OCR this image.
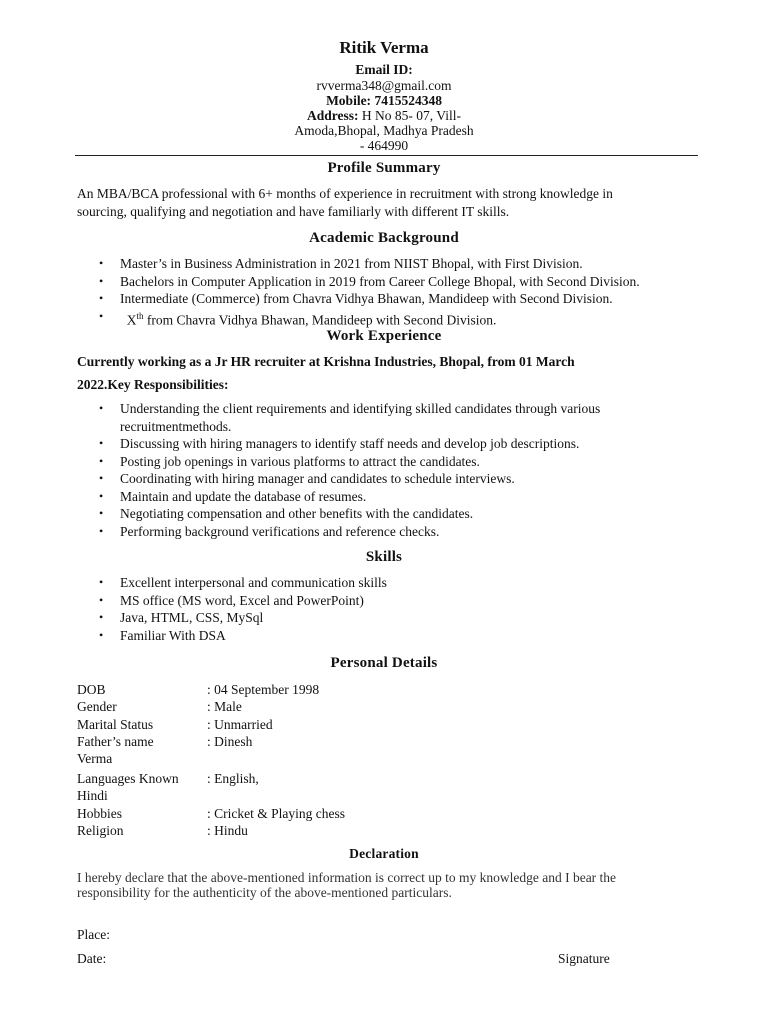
Ritik Verma
Email ID:
rvverma348@gmail.com
Mobile: 7415524348
Address: H No 85- 07, Vill-
Amoda,Bhopal, Madhya Pradesh
- 464990
Profile Summary
An MBA/BCA professional with 6+ months of experience in recruitment with strong knowledge in
sourcing, qualifying and negotiation and have familiarly with different IT skills.
Academic Background
• Master’s in Business Administration in 2021 from NIIST Bhopal, with First Division.
• Bachelors in Computer Application in 2019 from Career College Bhopal, with Second Division.
• Intermediate (Commerce) from Chavra Vidhya Bhawan, Mandideep with Second Division.
• Xth from Chavra Vidhya Bhawan, Mandideep with Second Division.
Work Experience
Currently working as a Jr HR recruiter at Krishna Industries, Bhopal, from 01 March
2022.Key Responsibilities:
• Understanding the client requirements and identifying skilled candidates through various
recruitmentmethods.
• Discussing with hiring managers to identify staff needs and develop job descriptions.
• Posting job openings in various platforms to attract the candidates.
• Coordinating with hiring manager and candidates to schedule interviews.
• Maintain and update the database of resumes.
• Negotiating compensation and other benefits with the candidates.
• Performing background verifications and reference checks.
Skills
• Excellent interpersonal and communication skills
• MS office (MS word, Excel and PowerPoint)
• Java, HTML, CSS, MySql
• Familiar With DSA
Personal Details
DOB	: 04 September 1998
Gender	: Male
Marital Status	: Unmarried
Father’s name	: Dinesh
Verma
Languages Known	: English,
Hindi
Hobbies	: Cricket & Playing chess
Religion	: Hindu
Declaration
I hereby declare that the above-mentioned information is correct up to my knowledge and I bear the
responsibility for the authenticity of the above-mentioned particulars.
Place:
Date:	Signature
